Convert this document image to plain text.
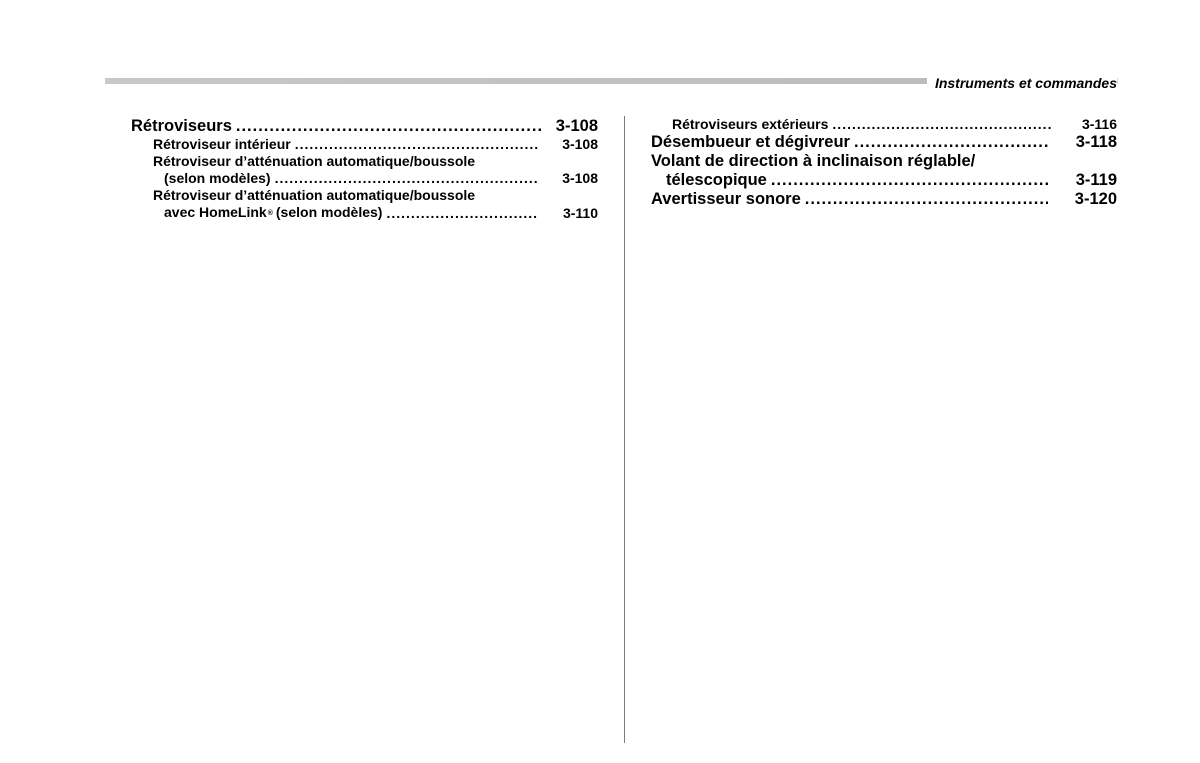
Instruments et commandes
Rétroviseurs .....	3-108
Rétroviseur intérieur .....	3-108
Rétroviseur d’atténuation automatique/boussole
(selon modèles) .....	3-108
Rétroviseur d’atténuation automatique/boussole
avec HomeLink® (selon modèles) .....	3-110
Rétroviseurs extérieurs .....	3-116
Désembueur et dégivreur .....	3-118
Volant de direction à inclinaison réglable/
télescopique .....	3-119
Avertisseur sonore .....	3-120
